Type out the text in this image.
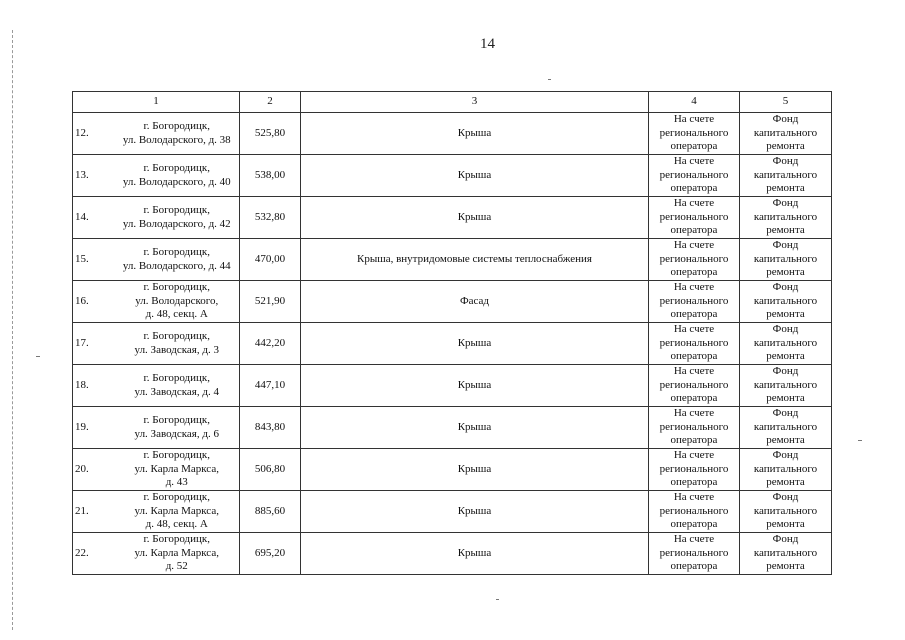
14
1		2	3	4	5
12.	г. Богородицк,
ул. Володарского, д. 38	525,80	Крыша	На счете
регионального
оператора	Фонд
капитального
ремонта

13.	г. Богородицк,
ул. Володарского, д. 40	538,00	Крыша	На счете
регионального
оператора	Фонд
капитального
ремонта

14.	г. Богородицк,
ул. Володарского, д. 42	532,80	Крыша	На счете
регионального
оператора	Фонд
капитального
ремонта

15.	г. Богородицк,
ул. Володарского, д. 44	470,00	Крыша, внутридомовые системы теплоснабжения	На счете
регионального
оператора	Фонд
капитального
ремонта

16.	г. Богородицк,
ул. Володарского,
д. 48, секц. А	521,90	Фасад	На счете
регионального
оператора	Фонд
капитального
ремонта

17.	г. Богородицк,
ул. Заводская, д. 3	442,20	Крыша	На счете
регионального
оператора	Фонд
капитального
ремонта

18.	г. Богородицк,
ул. Заводская, д. 4	447,10	Крыша	На счете
регионального
оператора	Фонд
капитального
ремонта

19.	г. Богородицк,
ул. Заводская, д. 6	843,80	Крыша	На счете
регионального
оператора	Фонд
капитального
ремонта

20.	г. Богородицк,
ул. Карла Маркса,
д. 43	506,80	Крыша	На счете
регионального
оператора	Фонд
капитального
ремонта

21.	г. Богородицк,
ул. Карла Маркса,
д. 48, секц. А	885,60	Крыша	На счете
регионального
оператора	Фонд
капитального
ремонта

22.	г. Богородицк,
ул. Карла Маркса,
д. 52	695,20	Крыша	На счете
регионального
оператора	Фонд
капитального
ремонта
